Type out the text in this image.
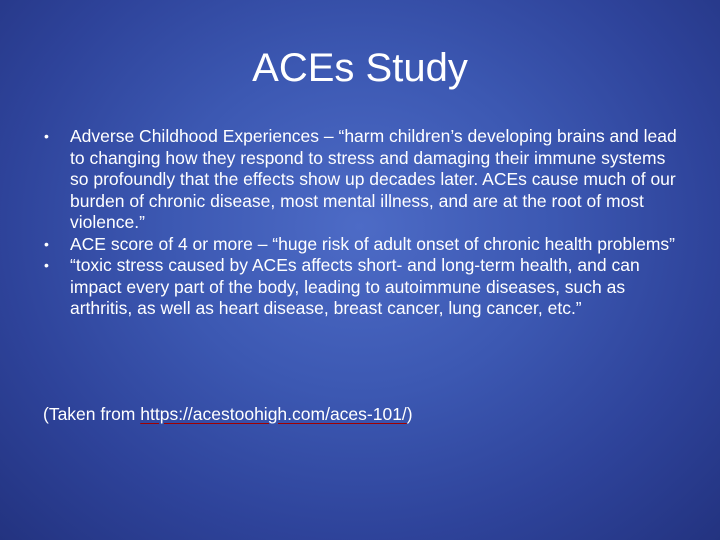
ACEs Study
• Adverse Childhood Experiences – “harm children’s developing brains and lead to changing how they respond to stress and damaging their immune systems so profoundly that the effects show up decades later. ACEs cause much of our burden of chronic disease, most mental illness, and are at the root of most violence.”
• ACE score of 4 or more – “huge risk of adult onset of chronic health problems”
• “toxic stress caused by ACEs affects short- and long-term health, and can impact every part of the body, leading to autoimmune diseases, such as arthritis, as well as heart disease, breast cancer, lung cancer, etc.”
(Taken from https://acestoohigh.com/aces-101/)
